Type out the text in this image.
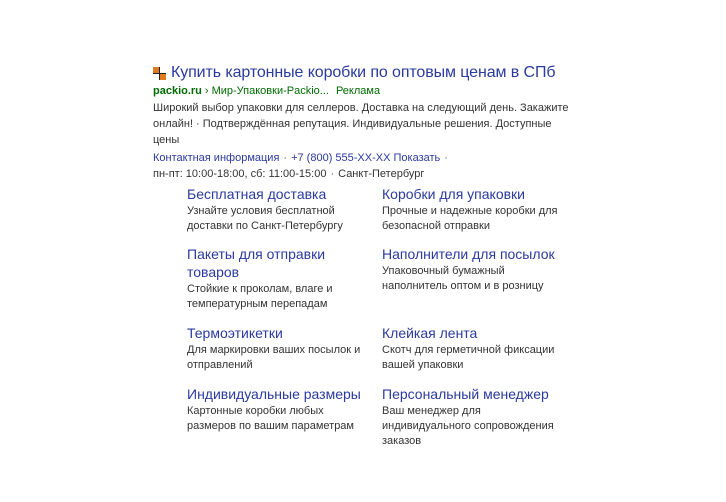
Купить картонные коробки по оптовым ценам в СПб
packio.ru › Мир-Упаковки-Packio... Реклама
Широкий выбор упаковки для селлеров. Доставка на следующий день. Закажите онлайн! · Подтверждённая репутация. Индивидуальные решения. Доступные цены
Контактная информация · +7 (800) 555-XX-XX Показать ·
пн-пт: 10:00-18:00, сб: 11:00-15:00 · Санкт-Петербург
Бесплатная доставка
Узнайте условия бесплатной доставки по Санкт-Петербургу
Коробки для упаковки
Прочные и надежные коробки для безопасной отправки
Пакеты для отправки товаров
Стойкие к проколам, влаге и температурным перепадам
Наполнители для посылок
Упаковочный бумажный наполнитель оптом и в розницу
Термоэтикетки
Для маркировки ваших посылок и отправлений
Клейкая лента
Скотч для герметичной фиксации вашей упаковки
Индивидуальные размеры
Картонные коробки любых размеров по вашим параметрам
Персональный менеджер
Ваш менеджер для индивидуального сопровождения заказов
